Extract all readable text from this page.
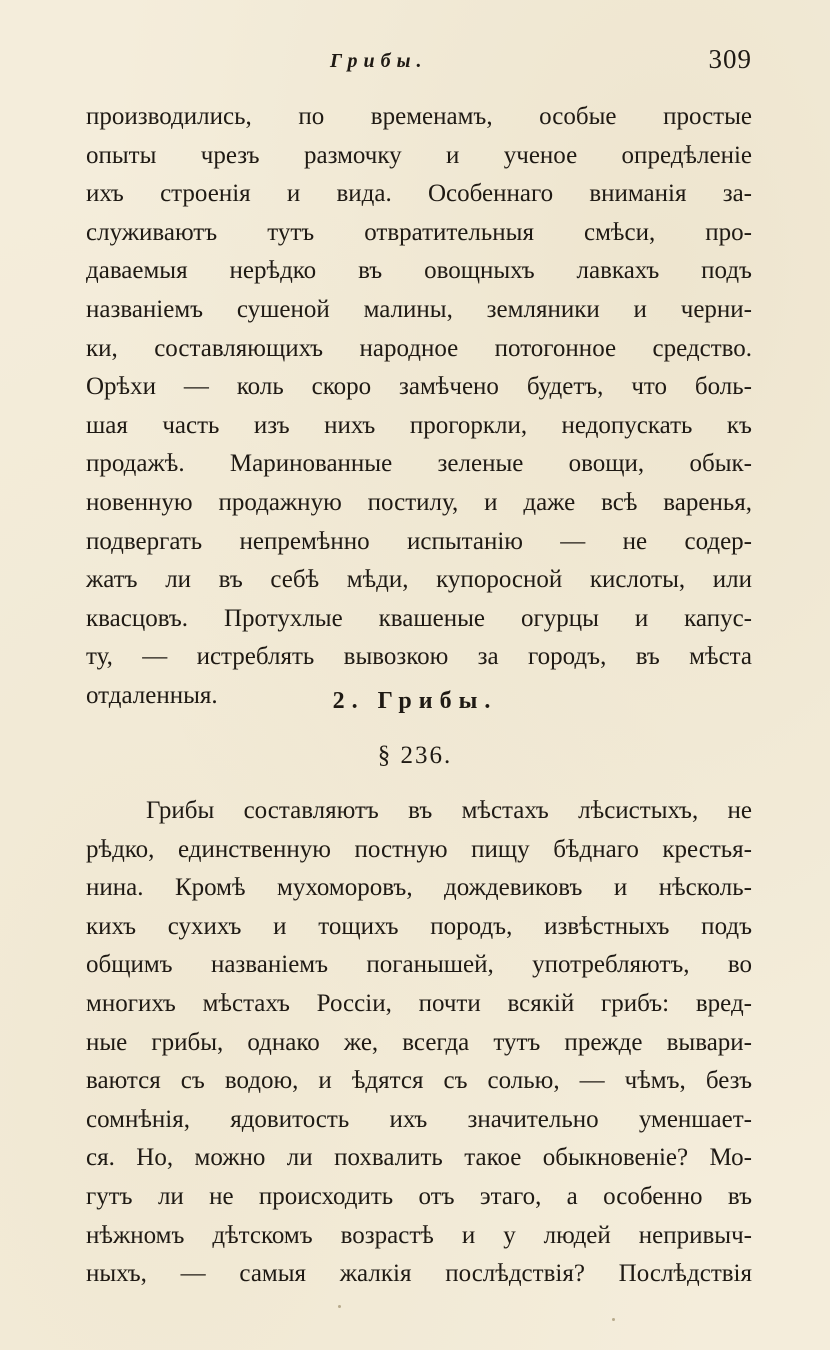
Грибы.	309
производились, по временамъ, особые простые
опыты чрезъ размочку и ученое опредѣленіе
ихъ строенія и вида. Особеннаго вниманія за-
служиваютъ тутъ отвратительныя смѣси, про-
даваемыя нерѣдко въ овощныхъ лавкахъ подъ
названіемъ сушеной малины, земляники и черни-
ки, составляющихъ народное потогонное средство.
Орѣхи — коль скоро замѣчено будетъ, что боль-
шая часть изъ нихъ прогоркли, недопускать къ
продажѣ. Маринованные зеленые овощи, обык-
новенную продажную постилу, и даже всѣ варенья,
подвергать непремѣнно испытанію — не содер-
жатъ ли въ себѣ мѣди, купоросной кислоты, или
квасцовъ. Протухлые квашеные огурцы и капус-
ту, — истреблять вывозкою за городъ, въ мѣста
отдаленныя.	2. Грибы.
§ 236.
Грибы составляютъ въ мѣстахъ лѣсистыхъ, не
рѣдко, единственную постную пищу бѣднаго крестья-
нина. Кромѣ мухоморовъ, дождевиковъ и нѣсколь-
кихъ сухихъ и тощихъ породъ, извѣстныхъ подъ
общимъ названіемъ поганышей, употребляютъ, во
многихъ мѣстахъ Россіи, почти всякій грибъ: вред-
ные грибы, однако же, всегда тутъ прежде вывари-
ваются съ водою, и ѣдятся съ солью, — чѣмъ, безъ
сомнѣнія, ядовитость ихъ значительно уменшает-
ся. Но, можно ли похвалить такое обыкновеніе? Мо-
гутъ ли не происходить отъ этаго, а особенно въ
нѣжномъ дѣтскомъ возрастѣ и у людей непривыч-
ныхъ, — самыя жалкія послѣдствія? Послѣдствія
